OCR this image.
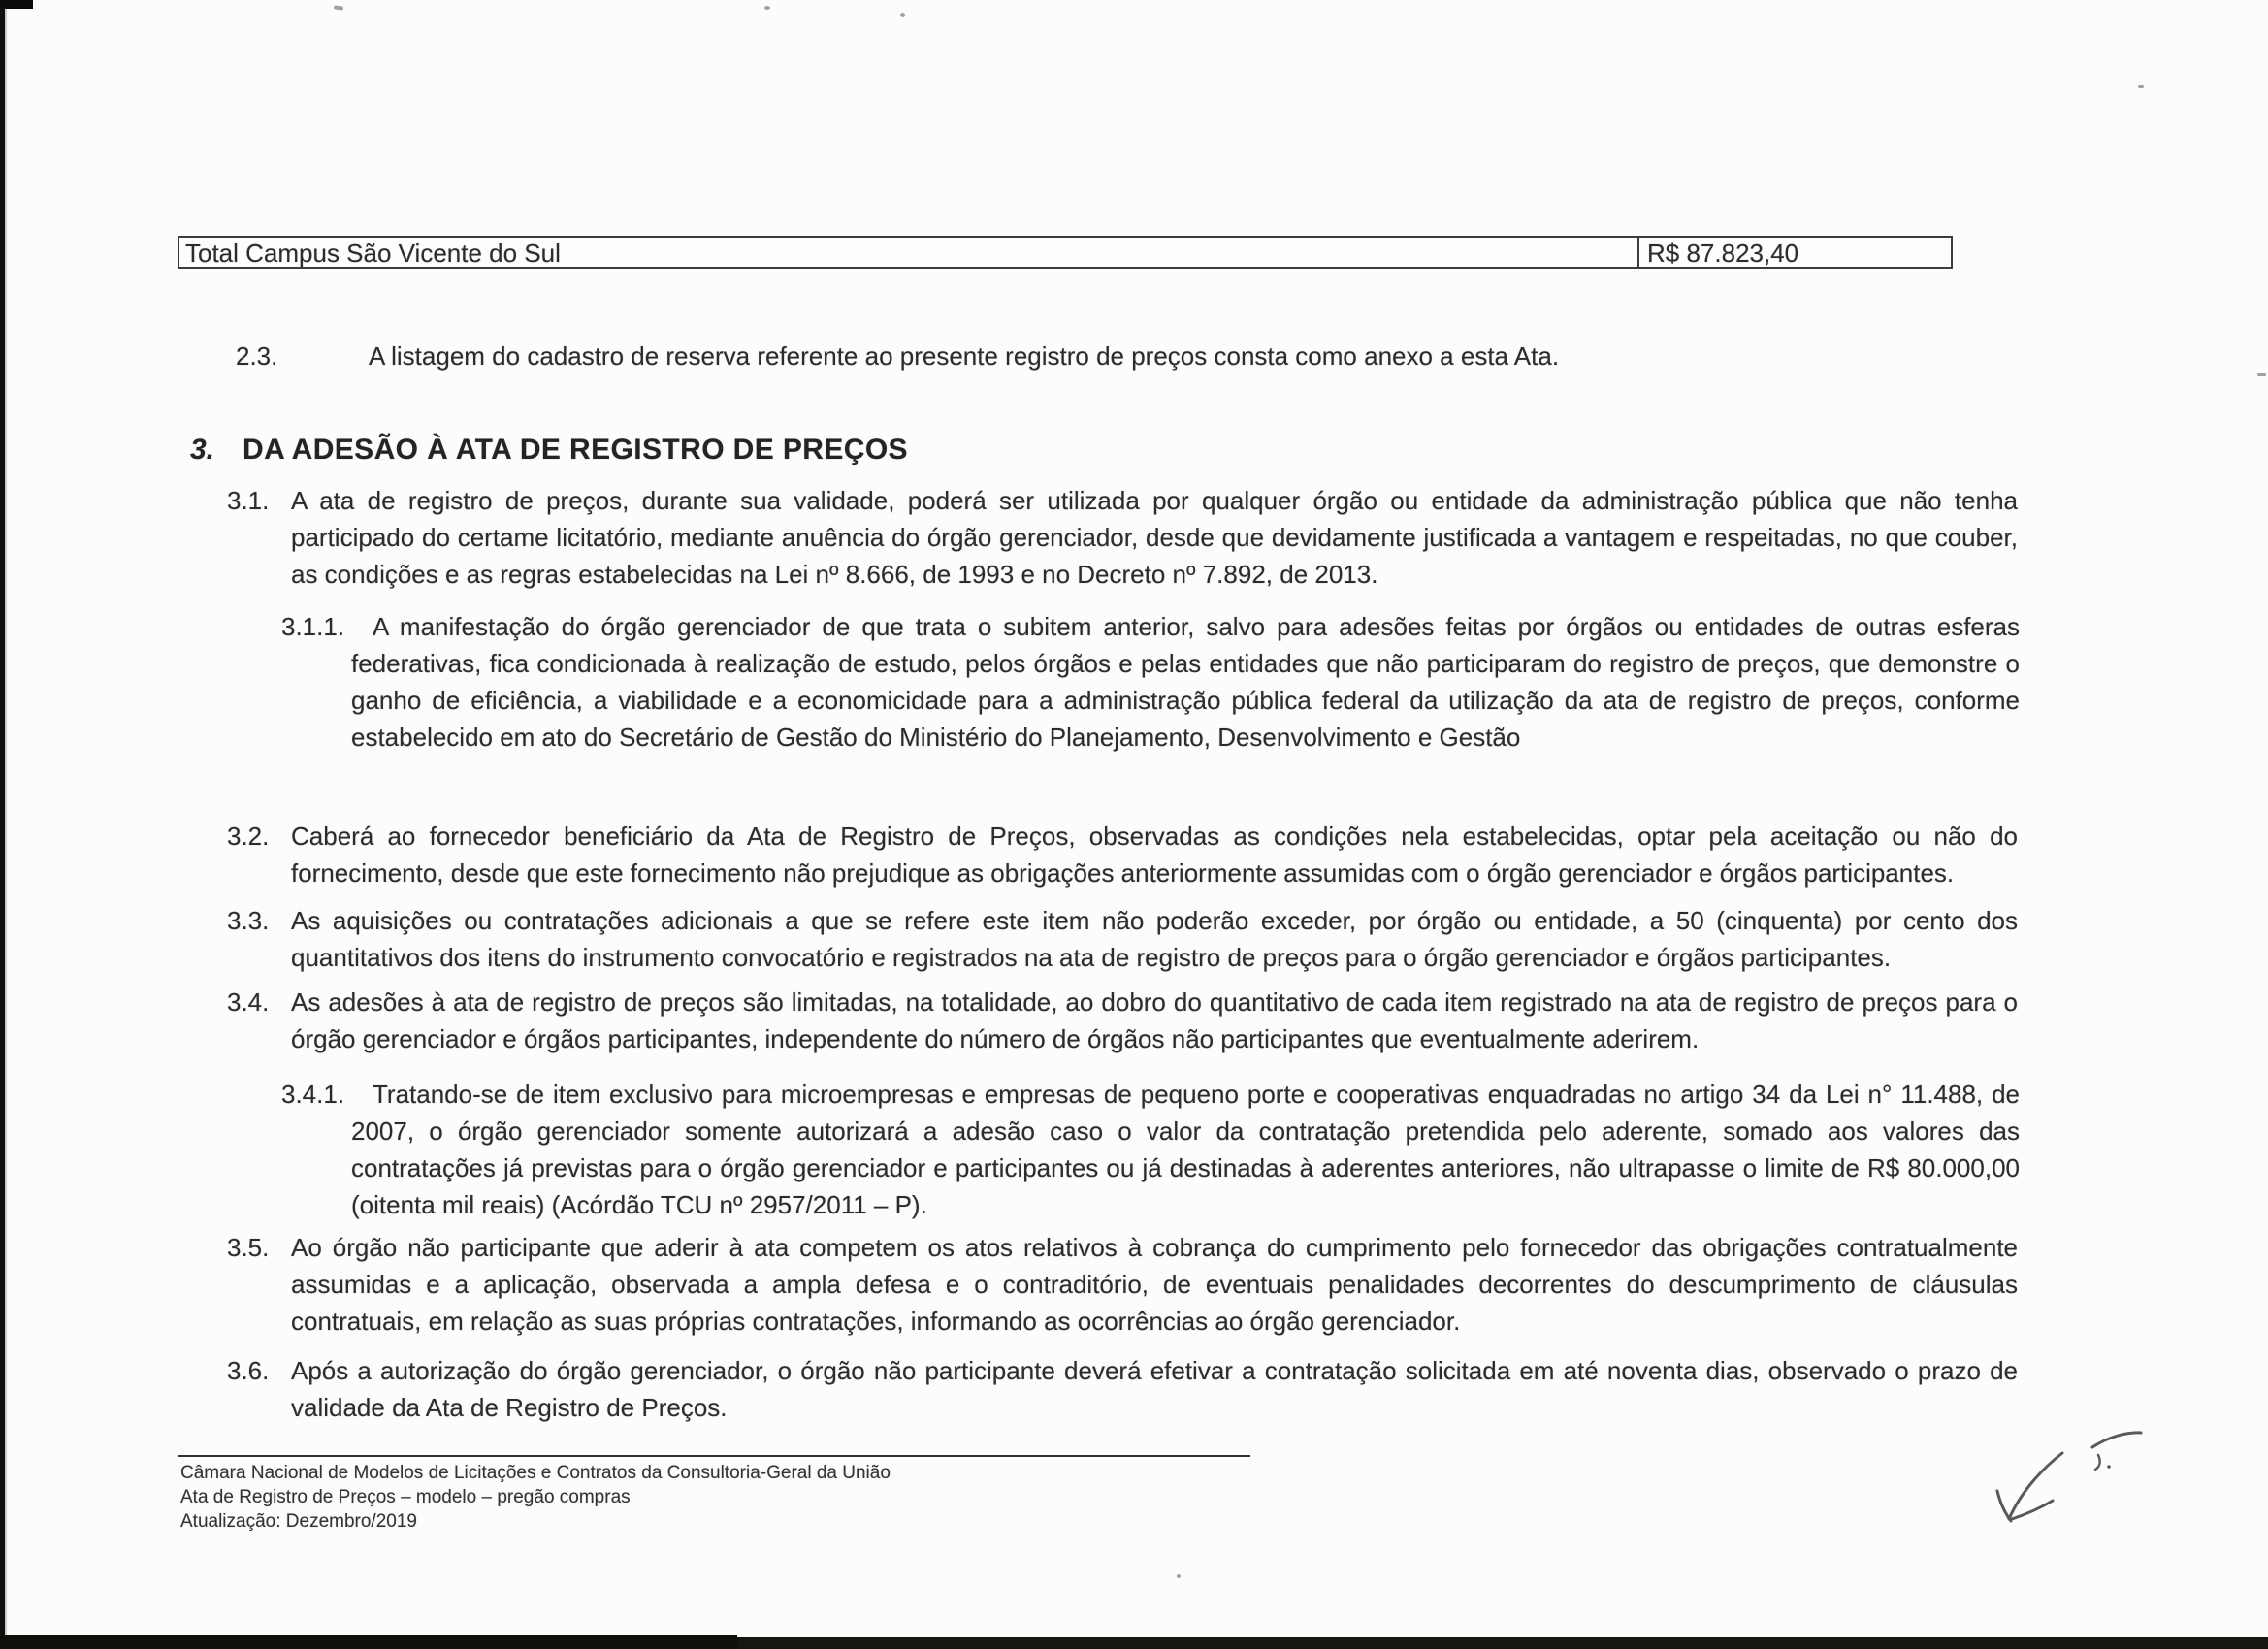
Total Campus São Vicente do Sul	R$ 87.823,40
2.3.	A listagem do cadastro de reserva referente ao presente registro de preços consta como anexo a esta Ata.
3. DA ADESÃO À ATA DE REGISTRO DE PREÇOS
3.1. A ata de registro de preços, durante sua validade, poderá ser utilizada por qualquer órgão ou entidade da administração pública que não tenha participado do certame licitatório, mediante anuência do órgão gerenciador, desde que devidamente justificada a vantagem e respeitadas, no que couber, as condições e as regras estabelecidas na Lei nº 8.666, de 1993 e no Decreto nº 7.892, de 2013.
3.1.1. A manifestação do órgão gerenciador de que trata o subitem anterior, salvo para adesões feitas por órgãos ou entidades de outras esferas federativas, fica condicionada à realização de estudo, pelos órgãos e pelas entidades que não participaram do registro de preços, que demonstre o ganho de eficiência, a viabilidade e a economicidade para a administração pública federal da utilização da ata de registro de preços, conforme estabelecido em ato do Secretário de Gestão do Ministério do Planejamento, Desenvolvimento e Gestão
3.2. Caberá ao fornecedor beneficiário da Ata de Registro de Preços, observadas as condições nela estabelecidas, optar pela aceitação ou não do fornecimento, desde que este fornecimento não prejudique as obrigações anteriormente assumidas com o órgão gerenciador e órgãos participantes.
3.3. As aquisições ou contratações adicionais a que se refere este item não poderão exceder, por órgão ou entidade, a 50 (cinquenta) por cento dos quantitativos dos itens do instrumento convocatório e registrados na ata de registro de preços para o órgão gerenciador e órgãos participantes.
3.4. As adesões à ata de registro de preços são limitadas, na totalidade, ao dobro do quantitativo de cada item registrado na ata de registro de preços para o órgão gerenciador e órgãos participantes, independente do número de órgãos não participantes que eventualmente aderirem.
3.4.1. Tratando-se de item exclusivo para microempresas e empresas de pequeno porte e cooperativas enquadradas no artigo 34 da Lei n° 11.488, de 2007, o órgão gerenciador somente autorizará a adesão caso o valor da contratação pretendida pelo aderente, somado aos valores das contratações já previstas para o órgão gerenciador e participantes ou já destinadas à aderentes anteriores, não ultrapasse o limite de R$ 80.000,00 (oitenta mil reais) (Acórdão TCU nº 2957/2011 – P).
3.5. Ao órgão não participante que aderir à ata competem os atos relativos à cobrança do cumprimento pelo fornecedor das obrigações contratualmente assumidas e a aplicação, observada a ampla defesa e o contraditório, de eventuais penalidades decorrentes do descumprimento de cláusulas contratuais, em relação as suas próprias contratações, informando as ocorrências ao órgão gerenciador.
3.6. Após a autorização do órgão gerenciador, o órgão não participante deverá efetivar a contratação solicitada em até noventa dias, observado o prazo de validade da Ata de Registro de Preços.
Câmara Nacional de Modelos de Licitações e Contratos da Consultoria-Geral da União
Ata de Registro de Preços – modelo – pregão compras
Atualização: Dezembro/2019
